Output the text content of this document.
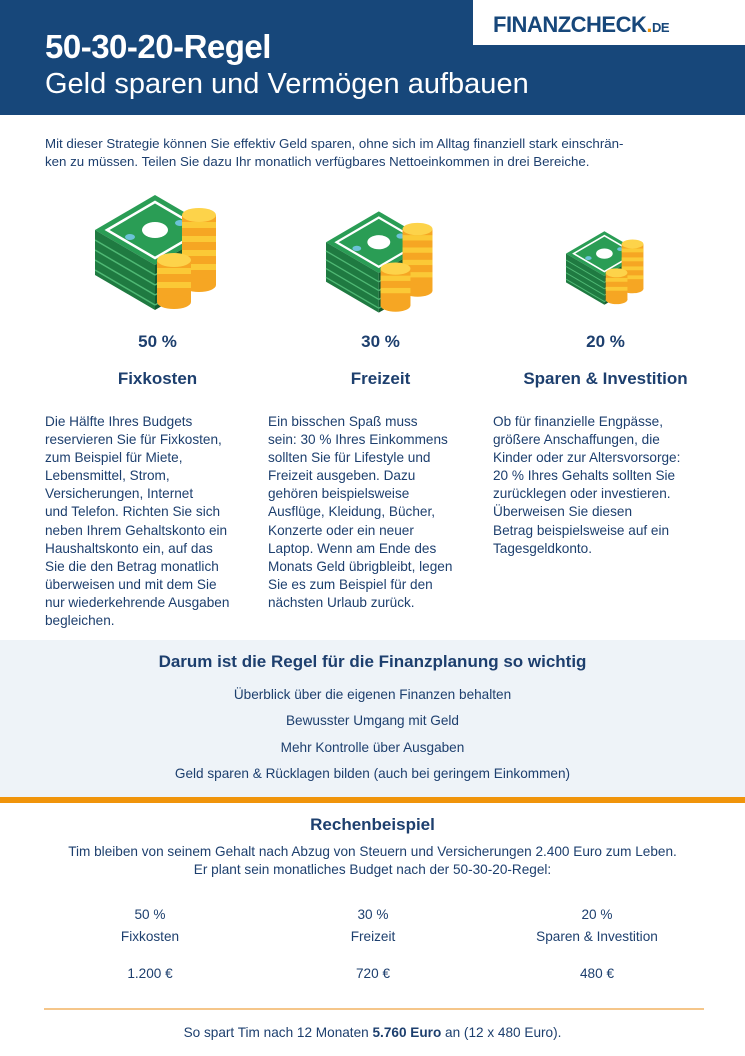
FINANZCHECK.DE
50-30-20-Regel
Geld sparen und Vermögen aufbauen
Mit dieser Strategie können Sie effektiv Geld sparen, ohne sich im Alltag finanziell stark einschrän-
ken zu müssen. Teilen Sie dazu Ihr monatlich verfügbares Nettoeinkommen in drei Bereiche.
50 %
Fixkosten
Die Hälfte Ihres Budgets
reservieren Sie für Fixkosten,
zum Beispiel für Miete,
Lebensmittel, Strom,
Versicherungen, Internet
und Telefon. Richten Sie sich
neben Ihrem Gehaltskonto ein
Haushaltskonto ein, auf das
Sie die den Betrag monatlich
überweisen und mit dem Sie
nur wiederkehrende Ausgaben
begleichen.
30 %
Freizeit
Ein bisschen Spaß muss
sein: 30 % Ihres Einkommens
sollten Sie für Lifestyle und
Freizeit ausgeben. Dazu
gehören beispielsweise
Ausflüge, Kleidung, Bücher,
Konzerte oder ein neuer
Laptop. Wenn am Ende des
Monats Geld übrigbleibt, legen
Sie es zum Beispiel für den
nächsten Urlaub zurück.
20 %
Sparen & Investition
Ob für finanzielle Engpässe,
größere Anschaffungen, die
Kinder oder zur Altersvorsorge:
20 % Ihres Gehalts sollten Sie
zurücklegen oder investieren.
Überweisen Sie diesen
Betrag beispielsweise auf ein
Tagesgeldkonto.
Darum ist die Regel für die Finanzplanung so wichtig

Überblick über die eigenen Finanzen behalten

Bewusster Umgang mit Geld

Mehr Kontrolle über Ausgaben

Geld sparen & Rücklagen bilden (auch bei geringem Einkommen)

Rechenbeispiel
Tim bleiben von seinem Gehalt nach Abzug von Steuern und Versicherungen 2.400 Euro zum Leben.
Er plant sein monatliches Budget nach der 50-30-20-Regel:
50 %
Fixkosten
1.200 €
30 %
Freizeit
720 €
20 %
Sparen & Investition
480 €
So spart Tim nach 12 Monaten 5.760 Euro an (12 x 480 Euro).
